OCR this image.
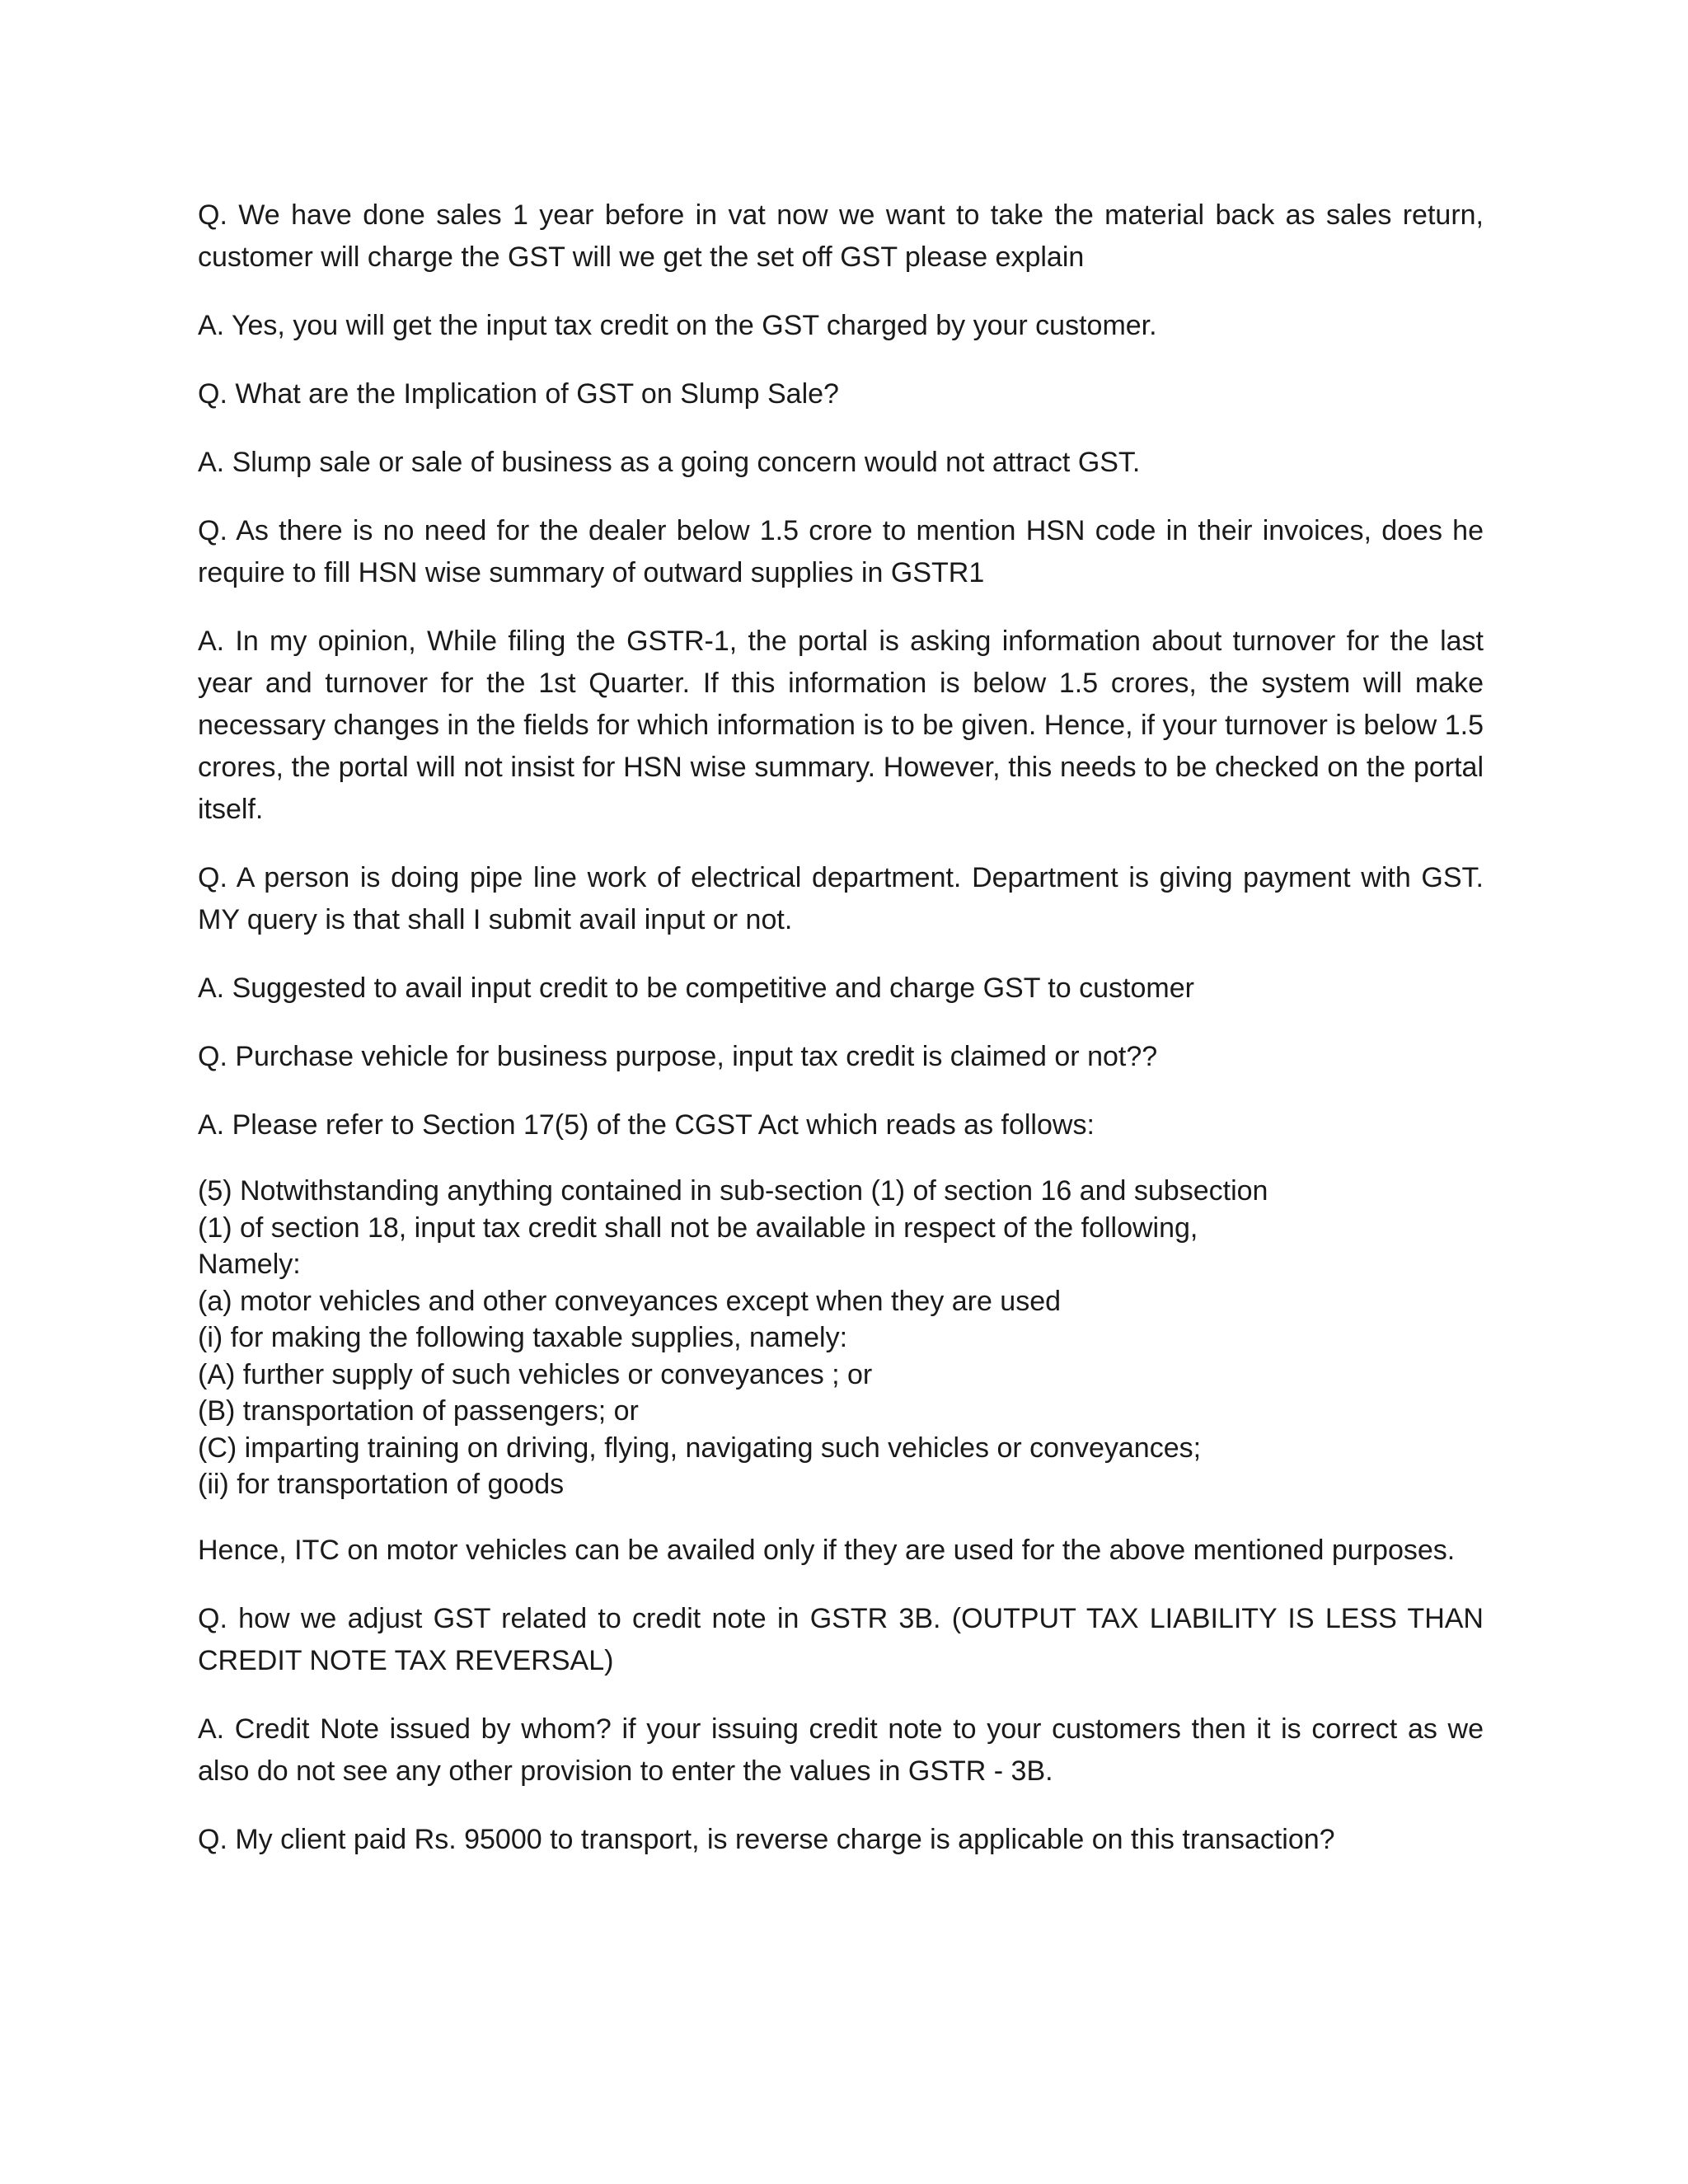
Q. We have done sales 1 year before in vat now we want to take the material back as sales return, customer will charge the GST will we get the set off GST please explain

A. Yes, you will get the input tax credit on the GST charged by your customer.

Q. What are the Implication of GST on Slump Sale?

A. Slump sale or sale of business as a going concern would not attract GST.

Q. As there is no need for the dealer below 1.5 crore to mention HSN code in their invoices, does he require to fill HSN wise summary of outward supplies in GSTR1

A. In my opinion, While filing the GSTR-1, the portal is asking information about turnover for the last year and turnover for the 1st Quarter. If this information is below 1.5 crores, the system will make necessary changes in the fields for which information is to be given. Hence, if your turnover is below 1.5 crores, the portal will not insist for HSN wise summary. However, this needs to be checked on the portal itself.

Q. A person is doing pipe line work of electrical department. Department is giving payment with GST. MY query is that shall I submit avail input or not.

A. Suggested to avail input credit to be competitive and charge GST to customer

Q. Purchase vehicle for business purpose, input tax credit is claimed or not??

A. Please refer to Section 17(5) of the CGST Act which reads as follows:

(5) Notwithstanding anything contained in sub-section (1) of section 16 and subsection
(1) of section 18, input tax credit shall not be available in respect of the following,
Namely:
(a) motor vehicles and other conveyances except when they are used
(i) for making the following taxable supplies, namely:
(A) further supply of such vehicles or conveyances ; or
(B) transportation of passengers; or
(C) imparting training on driving, flying, navigating such vehicles or conveyances;
(ii) for transportation of goods

Hence, ITC on motor vehicles can be availed only if they are used for the above mentioned purposes.

Q. how we adjust GST related to credit note in GSTR 3B. (OUTPUT TAX LIABILITY IS LESS THAN CREDIT NOTE TAX REVERSAL)

A. Credit Note issued by whom? if your issuing credit note to your customers then it is correct as we also do not see any other provision to enter the values in GSTR - 3B.

Q. My client paid Rs. 95000 to transport, is reverse charge is applicable on this transaction?
